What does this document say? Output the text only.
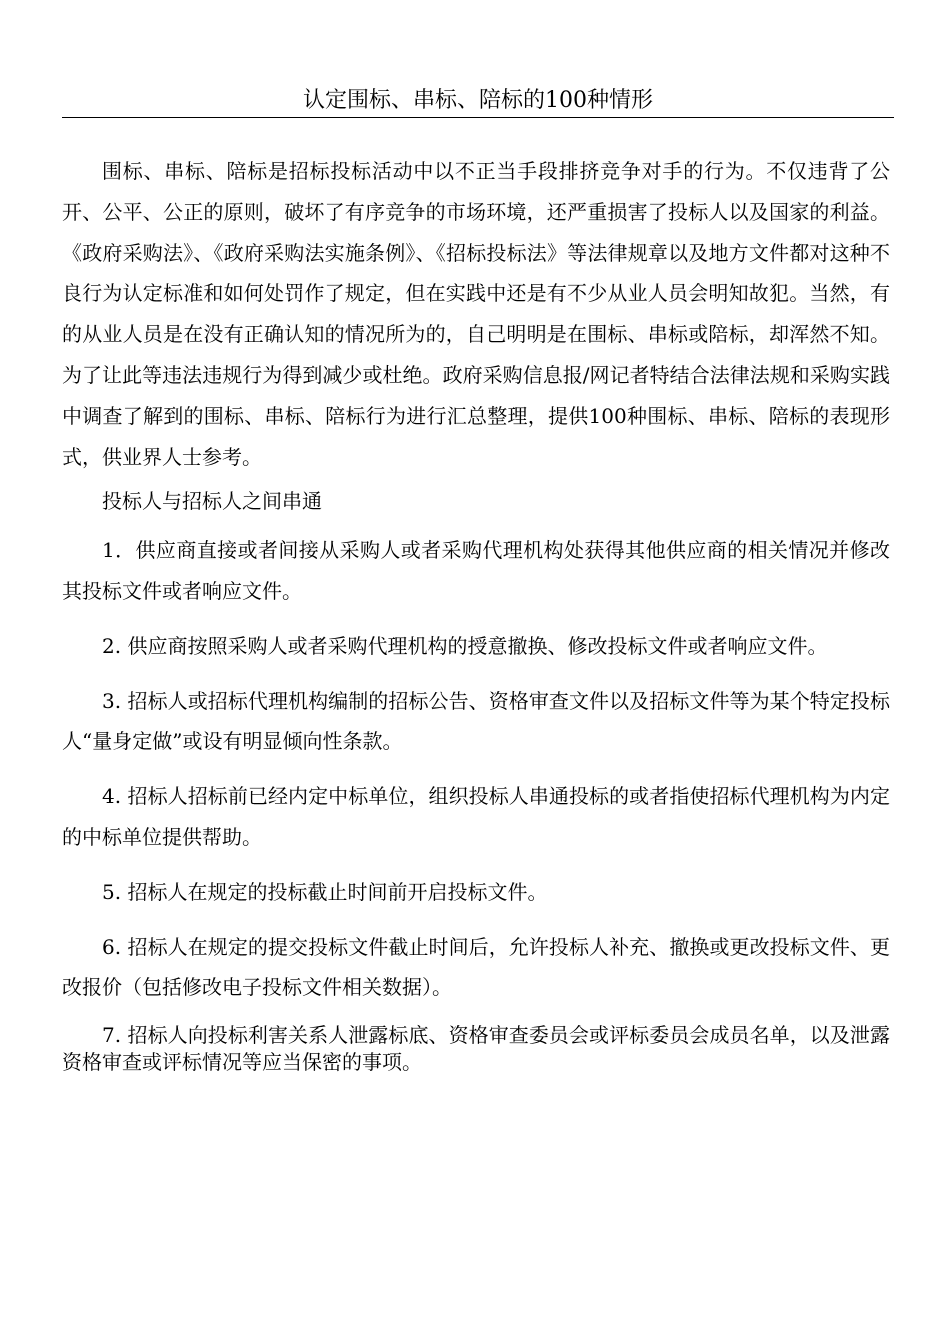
认定围标、串标、陪标的100种情形

围标、串标、陪标是招标投标活动中以不正当手段排挤竞争对手的行为。不仅违背了公开、公平、公正的原则，破坏了有序竞争的市场环境，还严重损害了投标人以及国家的利益。《政府采购法》、《政府采购法实施条例》、《招标投标法》等法律规章以及地方文件都对这种不良行为认定标准和如何处罚作了规定，但在实践中还是有不少从业人员会明知故犯。当然，有的从业人员是在没有正确认知的情况所为的，自己明明是在围标、串标或陪标，却浑然不知。为了让此等违法违规行为得到减少或杜绝。政府采购信息报/网记者特结合法律法规和采购实践中调查了解到的围标、串标、陪标行为进行汇总整理，提供100种围标、串标、陪标的表现形式，供业界人士参考。

投标人与招标人之间串通

1．供应商直接或者间接从采购人或者采购代理机构处获得其他供应商的相关情况并修改其投标文件或者响应文件。

2. 供应商按照采购人或者采购代理机构的授意撤换、修改投标文件或者响应文件。

3. 招标人或招标代理机构编制的招标公告、资格审查文件以及招标文件等为某个特定投标人“量身定做”或设有明显倾向性条款。

4. 招标人招标前已经内定中标单位，组织投标人串通投标的或者指使招标代理机构为内定的中标单位提供帮助。

5. 招标人在规定的投标截止时间前开启投标文件。

6. 招标人在规定的提交投标文件截止时间后，允许投标人补充、撤换或更改投标文件、更改报价（包括修改电子投标文件相关数据）。

7. 招标人向投标利害关系人泄露标底、资格审查委员会或评标委员会成员名单，以及泄露资格审查或评标情况等应当保密的事项。
